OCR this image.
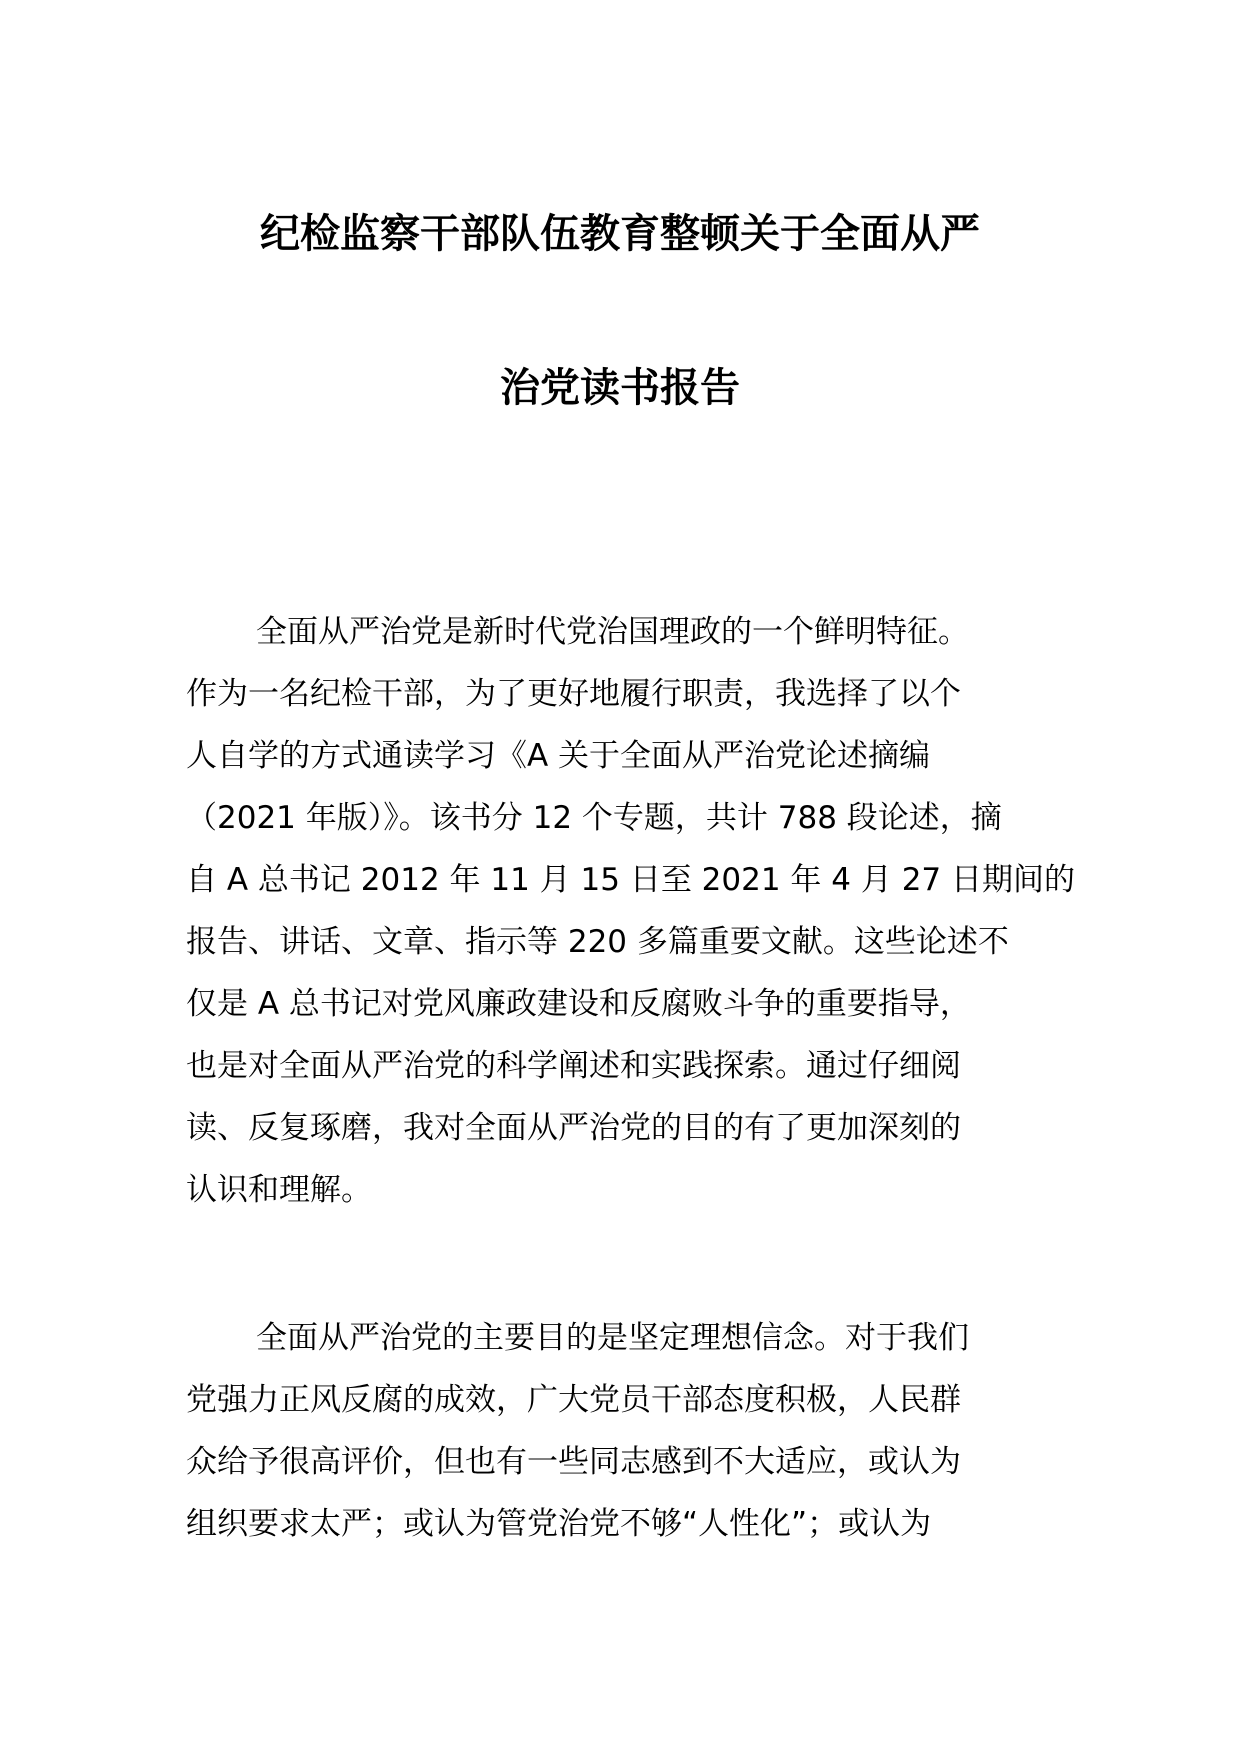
纪检监察干部队伍教育整顿关于全面从严
治党读书报告
全面从严治党是新时代党治国理政的一个鲜明特征。
作为一名纪检干部，为了更好地履行职责，我选择了以个
人自学的方式通读学习《A 关于全面从严治党论述摘编
（2021 年版）》。该书分 12 个专题，共计 788 段论述，摘
自 A 总书记 2012 年 11 月 15 日至 2021 年 4 月 27 日期间的
报告、讲话、文章、指示等 220 多篇重要文献。这些论述不
仅是 A 总书记对党风廉政建设和反腐败斗争的重要指导，
也是对全面从严治党的科学阐述和实践探索。通过仔细阅
读、反复琢磨，我对全面从严治党的目的有了更加深刻的
认识和理解。
全面从严治党的主要目的是坚定理想信念。对于我们
党强力正风反腐的成效，广大党员干部态度积极，人民群
众给予很高评价，但也有一些同志感到不大适应，或认为
组织要求太严；或认为管党治党不够“人性化”；或认为
